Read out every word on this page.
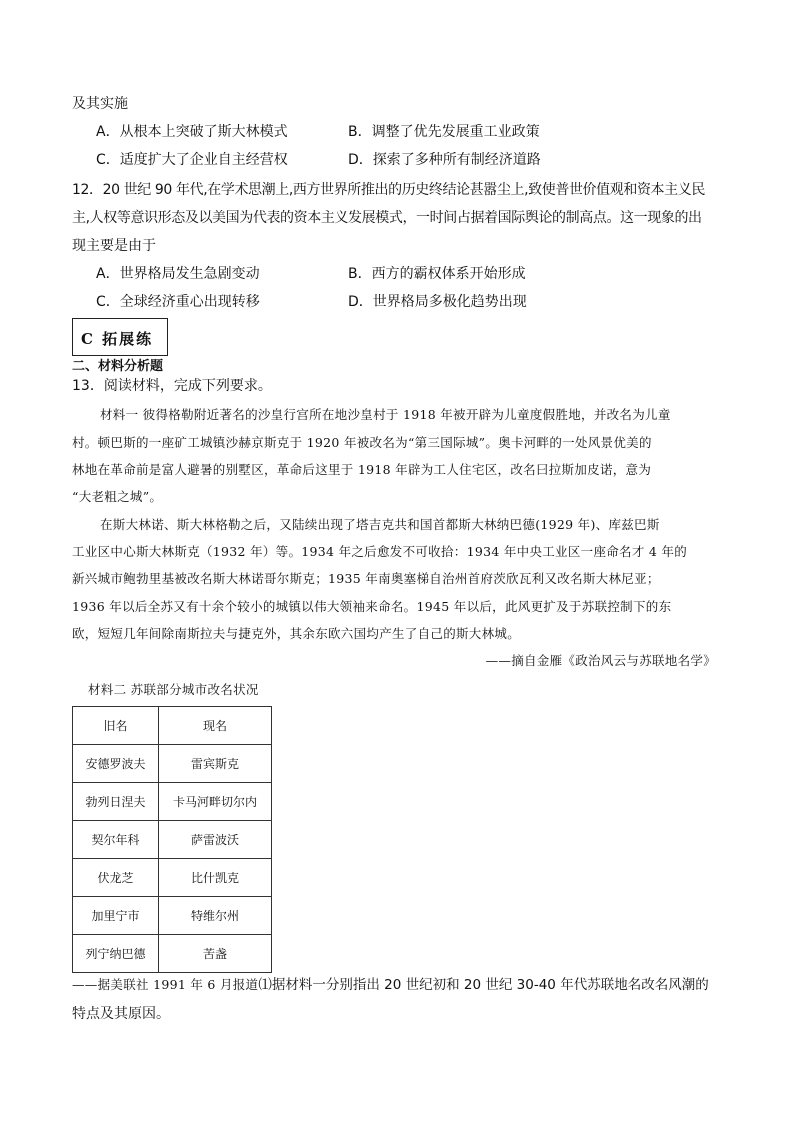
及其实施
A．从根本上突破了斯大林模式	B．调整了优先发展重工业政策
C．适度扩大了企业自主经营权	D．探索了多种所有制经济道路
12．20 世纪 90 年代,在学术思潮上,西方世界所推出的历史终结论甚嚣尘上,致使普世价值观和资本主义民
主,人权等意识形态及以美国为代表的资本主义发展模式，一时间占据着国际舆论的制高点。这一现象的出
现主要是由于
A．世界格局发生急剧变动	B．西方的霸权体系开始形成
C．全球经济重心出现转移	D．世界格局多极化趋势出现
C 拓展练
二、材料分析题
13．阅读材料，完成下列要求。
材料一 彼得格勒附近著名的沙皇行宫所在地沙皇村于 1918 年被开辟为儿童度假胜地，并改名为儿童
村。顿巴斯的一座矿工城镇沙赫京斯克于 1920 年被改名为“第三国际城”。奥卡河畔的一处风景优美的
林地在革命前是富人避暑的别墅区，革命后这里于 1918 年辟为工人住宅区，改名曰拉斯加皮诺，意为
“大老粗之城”。
在斯大林诺、斯大林格勒之后，又陆续出现了塔吉克共和国首都斯大林纳巴德(1929 年)、库兹巴斯
工业区中心斯大林斯克（1932 年）等。1934 年之后愈发不可收拾：1934 年中央工业区一座命名才 4 年的
新兴城市鲍勃里基被改名斯大林诺哥尔斯克；1935 年南奥塞梯自治州首府茨欣瓦利又改名斯大林尼亚；
1936 年以后全苏又有十余个较小的城镇以伟大领袖来命名。1945 年以后，此风更扩及于苏联控制下的东
欧，短短几年间除南斯拉夫与捷克外，其余东欧六国均产生了自己的斯大林城。
——摘自金雁《政治风云与苏联地名学》
材料二 苏联部分城市改名状况
旧名	现名
安德罗波夫	雷宾斯克
勃列日涅夫	卡马河畔切尔内
契尔年科	萨雷波沃
伏龙芝	比什凯克
加里宁市	特维尔州
列宁纳巴德	苦盏
——据美联社 1991 年 6 月报道⑴据材料一分别指出 20 世纪初和 20 世纪 30-40 年代苏联地名改名风潮的
特点及其原因。
